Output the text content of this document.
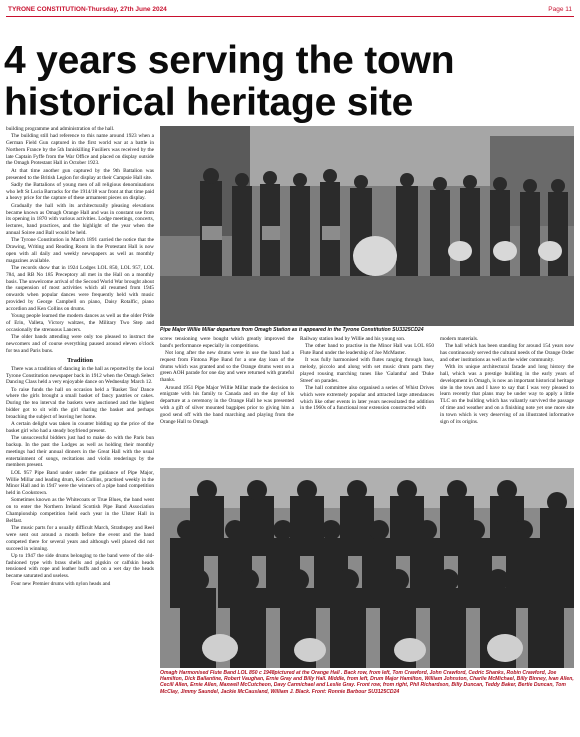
TYRONE CONSTITUTION-Thursday, 27th June 2024	Page 11
4 years serving the town
historical heritage site

building programme and administration of the hall.

The building still had reference to this name around 1923 when a German Field Gun captured in the first world war at a battle in Northern France by the 5th Inniskilling Fusiliers was received by the late Captain Fyffe from the War Office and placed on display outside the Omagh Protestant Hall in October 1923.

At that time another gun captured by the 9th Battalion was presented to the British Legion for display at their Campsie Hall site.

Sadly the Battalions of young men of all religious denominations who left St Lucia Barracks for the 1914/18 war front at that time paid a heavy price for the capture of these armament pieces on display.

Gradually the hall with its architecturally pleasing elevations became known as Omagh Orange Hall and was in constant use from its opening in 1870 with various activities. Lodge meetings, concerts, lectures, band practices, and the highlight of the year when the annual Soiree and Ball would be held.

The Tyrone Constitution in March 1891 carried the notice that the Drawing, Writing and Reading Room in the Protestant Hall is now open with all daily and weekly newspapers as well as monthly magazines available.

The records show that in 1924 Lodges LOL 850, LOL 957, LOL 784, and RB No 185 Preceptory all met in the Hall on a monthly basis. The unwelcome arrival of the Second World War brought about the suspension of most activities which all resumed from 1945 onwards when popular dances were frequently held with music provided by George Campbell on piano, Daisy Rotalfic, piano accordion and Ken Collins on drums.

Young people learned the modern dances as well as the older Pride of Erin, Valleta, Victory waltzes, the Military Two Step and occasionally the strenuous Lancers.

The older bands attending were only too pleased to instruct the newcomers and of course everything paused around eleven o'clock for tea and Paris buns.

Tradition

There was a tradition of dancing in the hall as reported by the local Tyrone Constitution newspaper back in 1912 when the Omagh Select Dancing Class held a very enjoyable dance on Wednesday March 12.

To raise funds the hall on occasion held a 'Basket Tea' Dance where the girls brought a small basket of fancy pastries or cakes. During the tea interval the baskets were auctioned and the highest bidder got to sit with the girl sharing the basket and perhaps broaching the subject of leaving her home.

A certain delight was taken in counter bidding up the price of the basket girl who had a steady boyfriend present.

The unsuccessful bidders just had to make do with the Paris bun backup. In the past the Lodges as well as holding their monthly meetings had their annual dinners in the Great Hall with the usual entertainment of songs, recitations and violin renderings by the members present.

LOL 957 Pipe Band under under the guidance of Pipe Major, Willie Millar and leading drum, Ken Collins, practised weekly in the Minor Hall and in 1947 were the winners of a pipe band competition held in Cookstown.

Sometimes known as the Whitecoats or True Blues, the band went on to enter the Northern Ireland Scottish Pipe Band Association Championship competition held each year in the Ulster Hall in Belfast.

The music parts for a usually difficult March, Strathspey and Reel were sent out around a month before the event and the band competed there for several years and although well placed did not succeed in winning.

Up to 1947 the side drums belonging to the band were of the old-fashioned type with brass shells and pigskin or calfskin heads tensioned with rope and leather buffs and on a wet day the heads became saturated and useless.

Four new Premier drums with nylon heads and

Pipe Major Willie Millar departure from Omagh Station as it appeared in the Tyrone Constitution SU3325CD24

screw tensioning were bought which greatly improved the band's performance especially in competitions.

Not long after the new drums were in use the band had a request from Fintona Pipe Band for a one day loan of the drums which was granted and so the Orange drums went on a green AOH parade for one day and were returned with grateful thanks.

Around 1951 Pipe Major Willie Millar made the decision to emigrate with his family to Canada and on the day of his departure at a ceremony in the Orange Hall he was presented with a gift of silver mounted bagpipes prior to giving him a good send off with the band marching and playing from the Orange Hall to Omagh

Railway station lead by Willie and his young son.

The other band to practise in the Minor Hall was LOL 850 Flute Band under the leadership of Joe McMaster.

It was fully harmonised with flutes ranging through bass, melody, piccolo and along with set music drum parts they played rousing marching tunes like 'Galantha' and 'Duke Street' on parades.

The hall committee also organised a series of Whist Drives which were extremely popular and attracted large attendances which like other events in later years necessitated the addition in the 1960s of a functional rear extension constructed with

modern materials.

The hall which has been standing for around 154 years now has continuously served the cultural needs of the Orange Order and other institutions as well as the wider community.

With its unique architectural facade and long history the hall, which was a prestige building in the early years of development in Omagh, is now an important historical heritage site in the town and I have to say that I was very pleased to learn recently that plans may be under way to apply a little TLC on the building which has valiantly survived the passage of time and weather and on a finishing note yet one more site in town which is very deserving of an illustrated informative sign of its origins.

Omagh Harmonised Flute Band LOL 850 c 1948pictured at the Orange Hall . Back row, from left, Tom Crawford, John Crawford, Cedric Shanks, Robin Crawford, Joe Hamilton, Dick Ballantine, Robert Vaughan, Ernie Gray and Billy Hall. Middle, from left, Drum Major Hamilton, William Johnston, Charlie McMichael, Billy Binney, Ivan Allen, Cecill Allen, Ernie Allen, Maxwell McCutcheon, Davy Carmichael and Leslie Gray. Front row, from right, Phil Richardson, Billy Duncan, Teddy Baker, Bertie Duncan, Tom McClay, Jimmy Saundel, Jackie McCausland, William J. Black. Front: Ronnie Barbour SU3125CD24
